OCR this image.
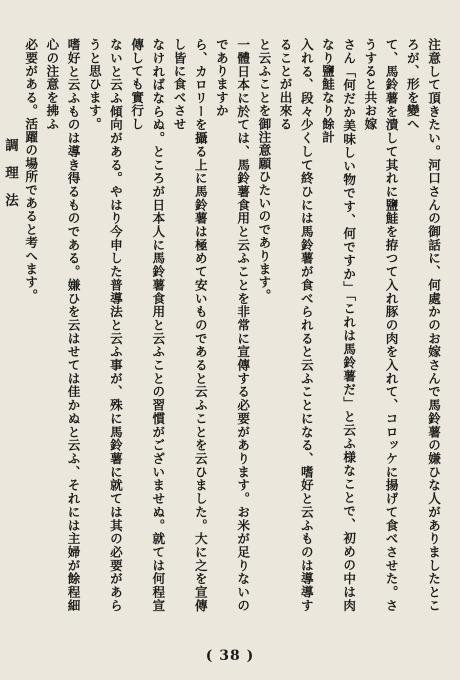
注意して頂きたい。河口さんの御話に、何處かのお嫁さんで馬鈴薯の嫌ひな人がありましたところが、形を變へ
て、馬鈴薯を潰して其れに鹽鮭を拵つて入れ豚の肉を入れて、コロッケに揚げて食べさせた。さうすると共お嫁
さん「何だか美味しい物です、何ですか」「これは馬鈴薯だ」と云ふ様なことで、初めの中は肉なり鹽鮭なり餘計
入れる、段々少くして終ひには馬鈴薯が食べられると云ふことになる、嗜好と云ふものは導導することが出來る
と云ふことを御注意願ひたいのであります。
一體日本に於ては、馬鈴薯食用と云ふことを非常に宣傳する必要があります。お米が足りないのでありますか
ら、カロリーを攝る上に馬鈴薯は極めて安いものであると云ふことを云ひました。大に之を宣傳し皆に食べさせ
なければならぬ。ところが日本人に馬鈴薯食用と云ふことの習慣がございませぬ。就ては何程宣傳しても實行し
ないと云ふ傾向がある。やはり今申した普導法と云ふ事が、殊に馬鈴薯に就ては其の必要があらうと思ひます。
嗜好と云ふものは導き得るものである。嫌ひを云はせては佳かぬと云ふ、それには主婦が餘程細心の注意を拂ふ
必要がある。活躍の場所であると考へます。
調理法
( 38 )
